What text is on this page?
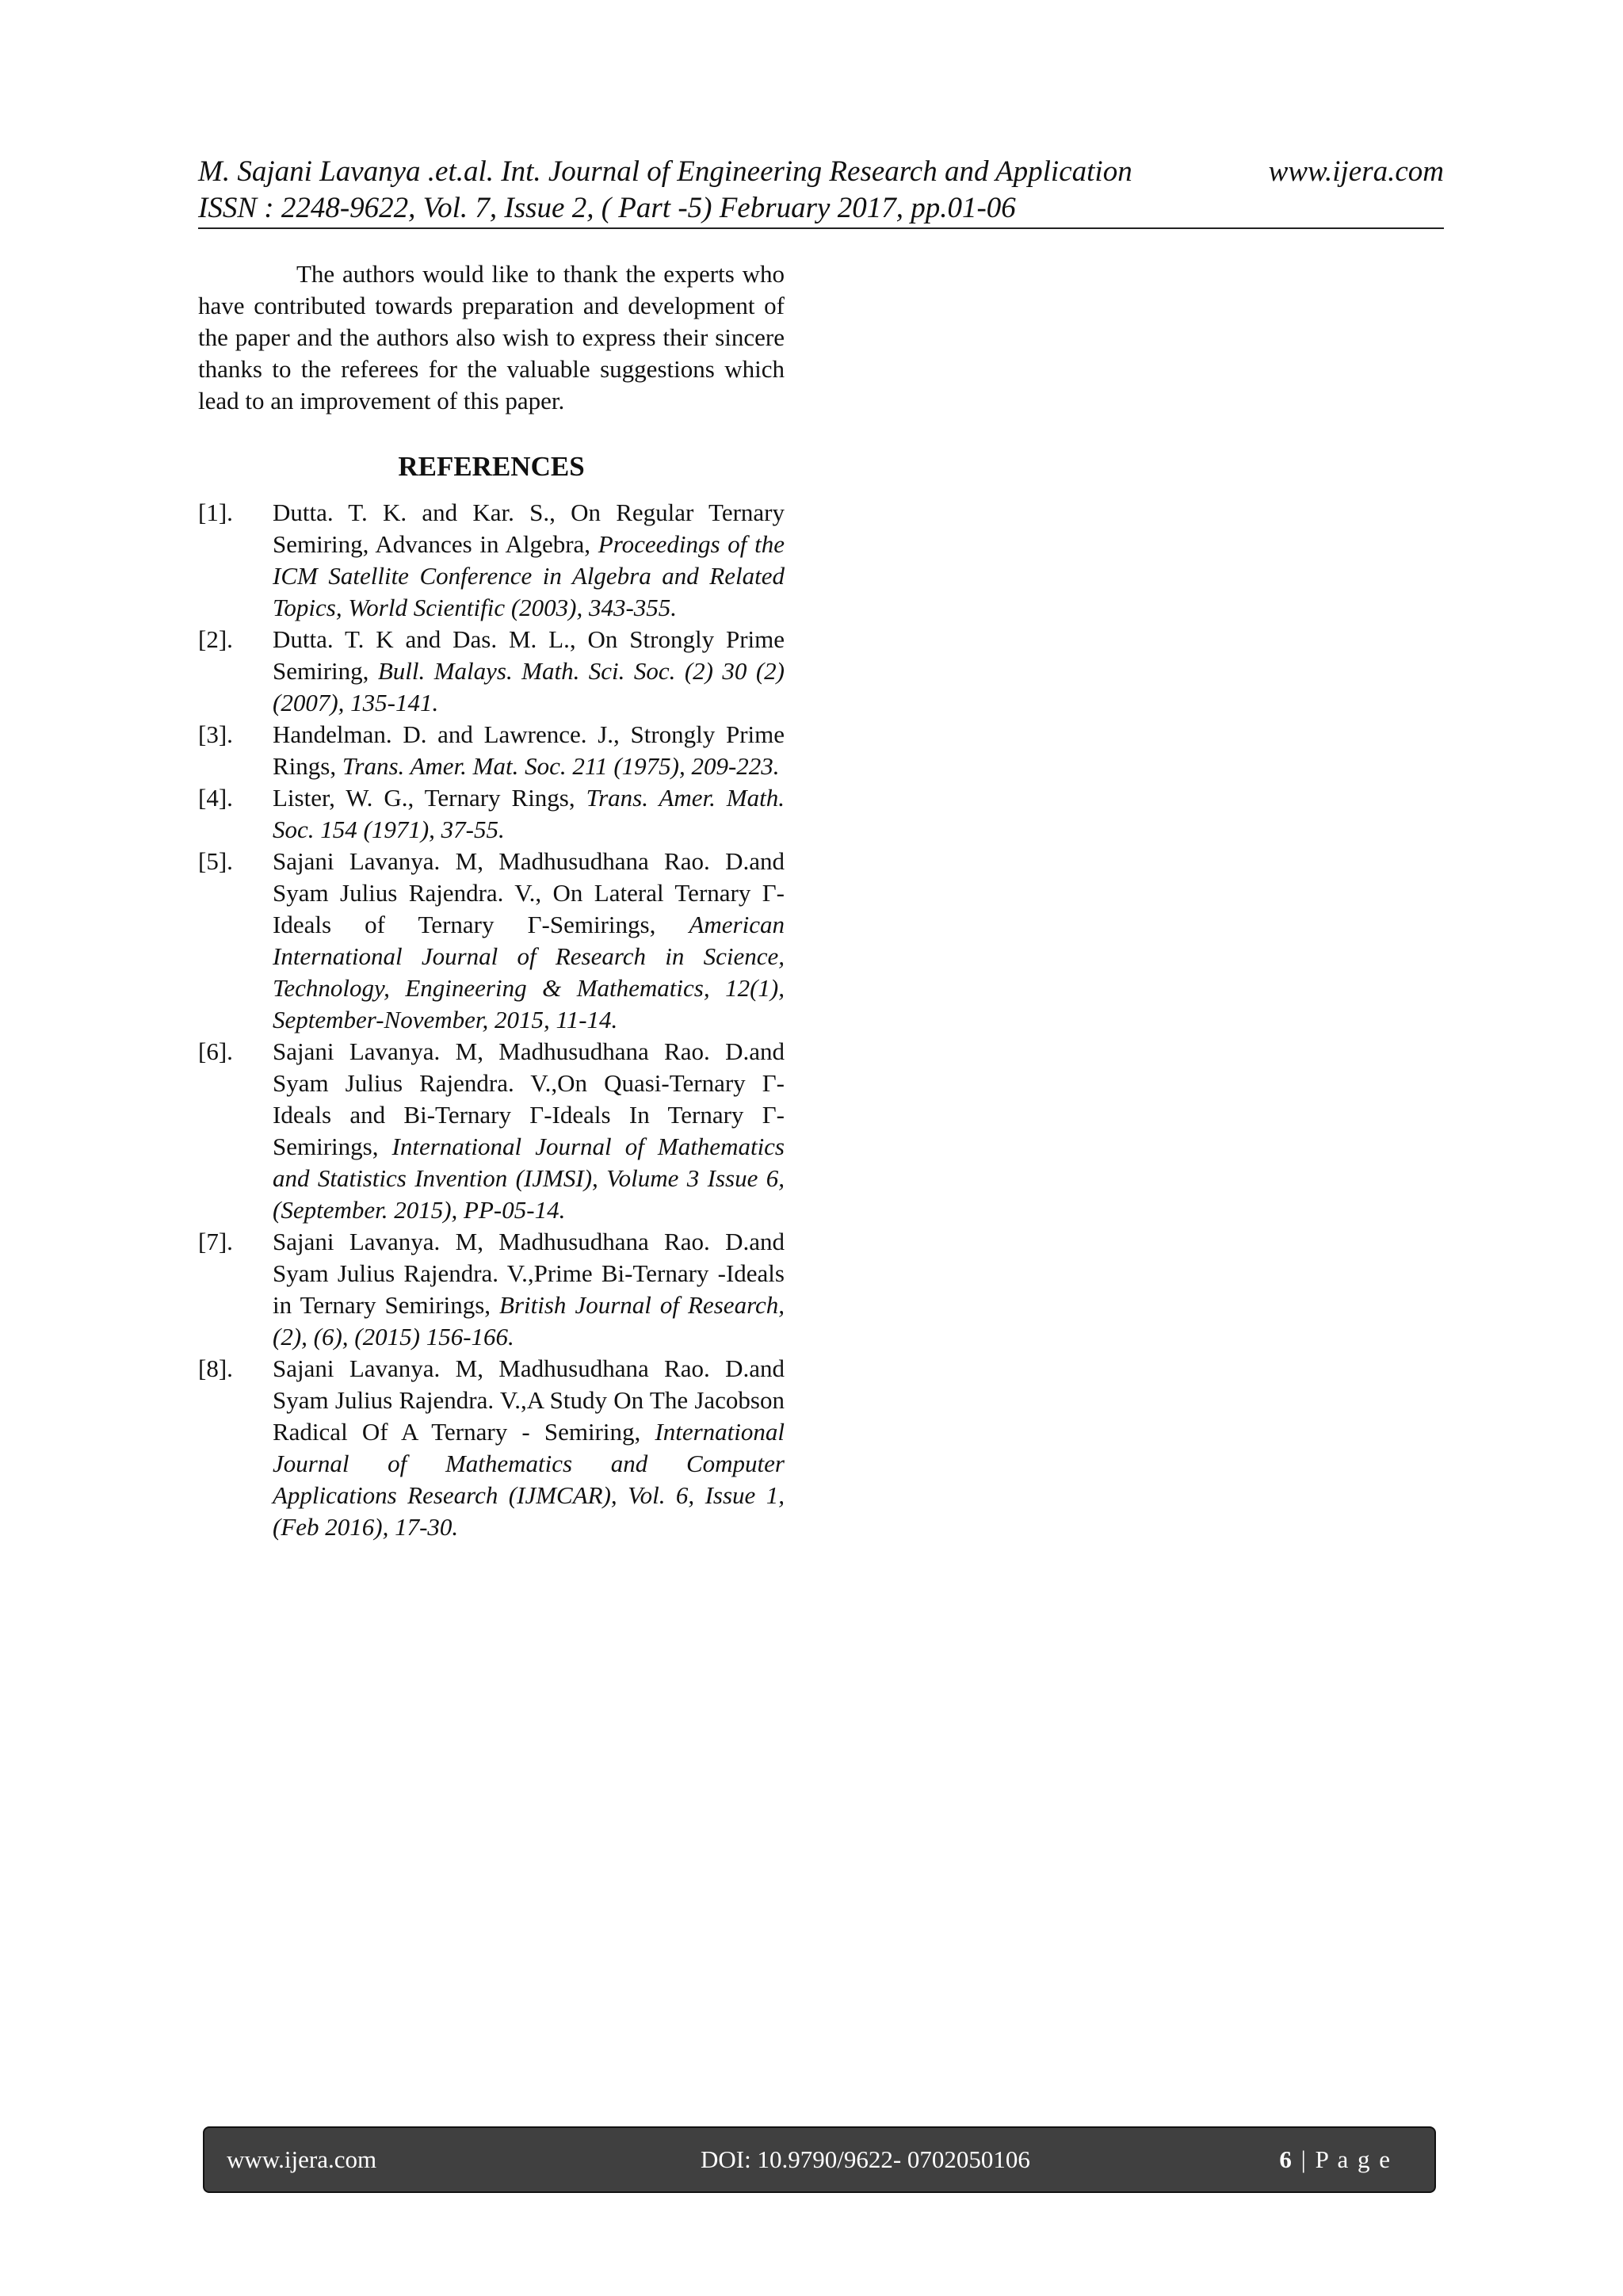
M. Sajani Lavanya .et.al. Int. Journal of Engineering Research and Application	www.ijera.com
ISSN : 2248-9622, Vol. 7, Issue 2, ( Part -5) February 2017, pp.01-06

The authors would like to thank the experts who have contributed towards preparation and development of the paper and the authors also wish to express their sincere thanks to the referees for the valuable suggestions which lead to an improvement of this paper.

REFERENCES
[1].	Dutta. T. K. and Kar. S., On Regular Ternary Semiring, Advances in Algebra, Proceedings of the ICM Satellite Conference in Algebra and Related Topics, World Scientific (2003), 343-355.
[2].	Dutta. T. K and Das. M. L., On Strongly Prime Semiring, Bull. Malays. Math. Sci. Soc. (2) 30 (2) (2007), 135-141.
[3].	Handelman. D. and Lawrence. J., Strongly Prime Rings, Trans. Amer. Mat. Soc. 211 (1975), 209-223.
[4].	Lister, W. G., Ternary Rings, Trans. Amer. Math. Soc. 154 (1971), 37-55.
[5].	Sajani Lavanya. M, Madhusudhana Rao. D.and Syam Julius Rajendra. V., On Lateral Ternary Γ-Ideals of Ternary Γ-Semirings, American International Journal of Research in Science, Technology, Engineering & Mathematics, 12(1), September-November, 2015, 11-14.
[6].	Sajani Lavanya. M, Madhusudhana Rao. D.and Syam Julius Rajendra. V.,On Quasi-Ternary Γ-Ideals and Bi-Ternary Γ-Ideals In Ternary Γ-Semirings, International Journal of Mathematics and Statistics Invention (IJMSI), Volume 3 Issue 6, (September. 2015), PP-05-14.
[7].	Sajani Lavanya. M, Madhusudhana Rao. D.and Syam Julius Rajendra. V.,Prime Bi-Ternary -Ideals in Ternary Semirings, British Journal of Research, (2), (6), (2015) 156-166.
[8].	Sajani Lavanya. M, Madhusudhana Rao. D.and Syam Julius Rajendra. V.,A Study On The Jacobson Radical Of A Ternary - Semiring, International Journal of Mathematics and Computer Applications Research (IJMCAR), Vol. 6, Issue 1, (Feb 2016), 17-30.
www.ijera.com	DOI: 10.9790/9622- 0702050106	6 | P a g e
